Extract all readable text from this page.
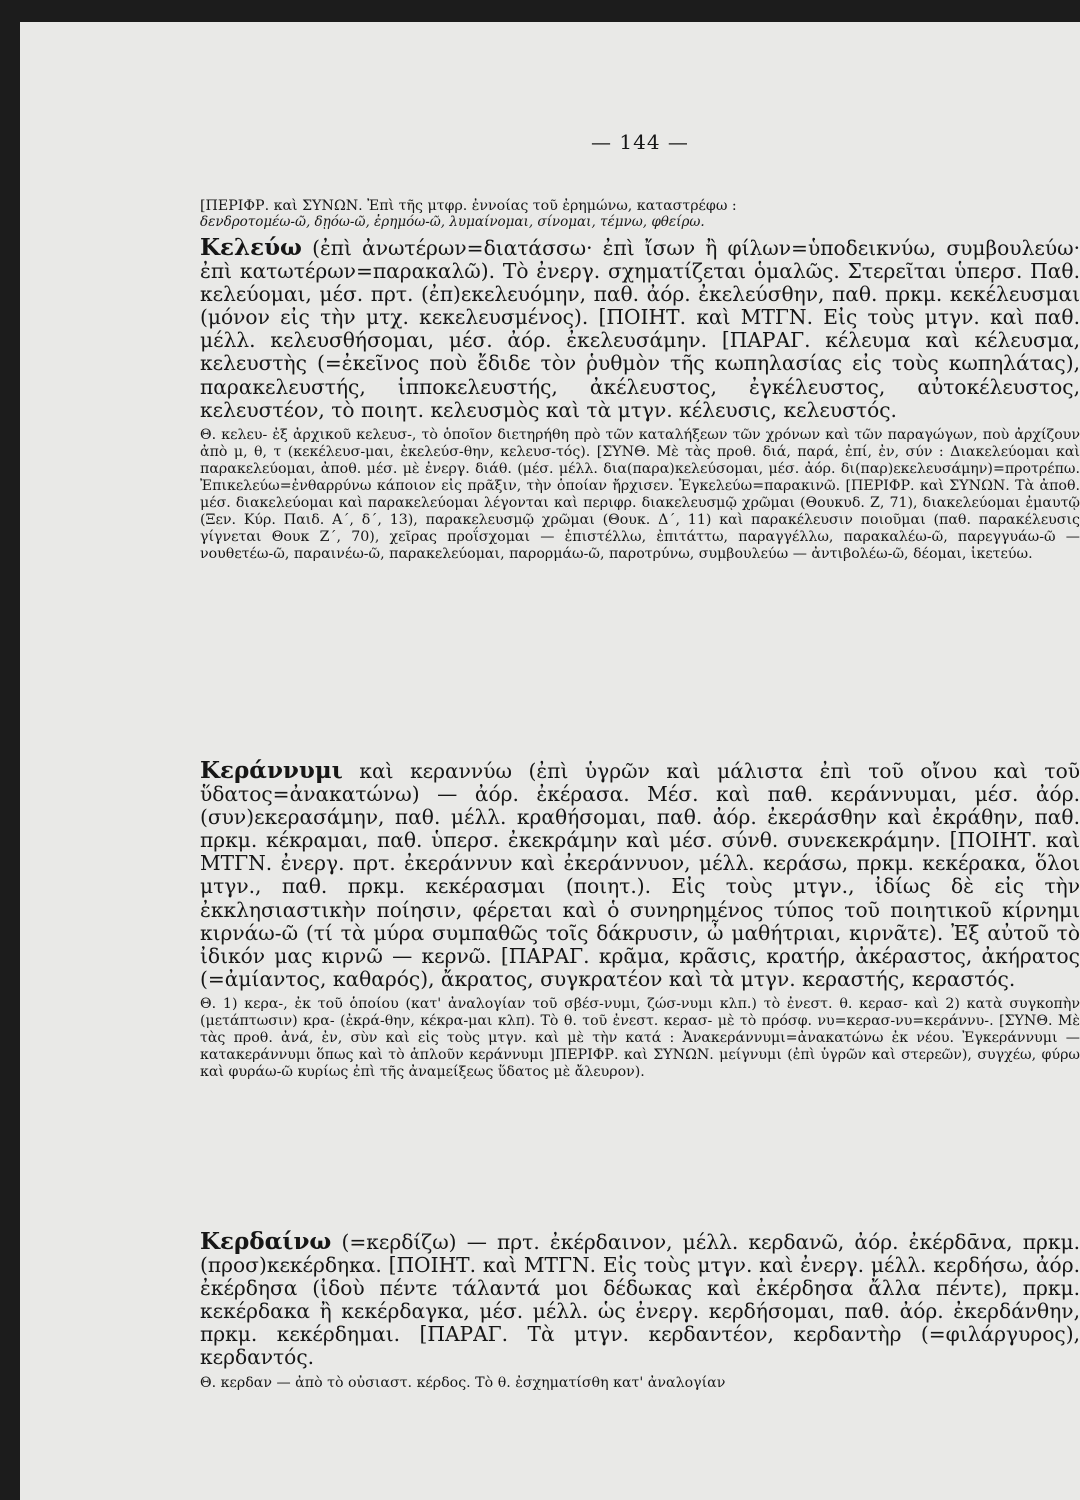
— 144 —

[ΠΕΡΙΦΡ. καὶ ΣΥΝΩΝ. Ἐπὶ τῆς μτφρ. ἐννοίας τοῦ ἐρημώνω, καταστρέφω :

δενδροτομέω-ῶ, δῃόω-ῶ, ἐρημόω-ῶ, λυμαίνομαι, σίνομαι, τέμνω, φθείρω.

Κελεύω (ἐπὶ ἀνωτέρων=διατάσσω· ἐπὶ ἴσων ἢ φίλων=ὑποδεικνύω, συμβουλεύω· ἐπὶ κατωτέρων=παρακαλῶ). Τὸ ἐνεργ. σχηματίζεται ὁμαλῶς. Στερεῖται ὑπερσ. Παθ. κελεύομαι, μέσ. πρτ. (ἐπ)εκελευόμην, παθ. ἀόρ. ἐκελεύσθην, παθ. πρκμ. κεκέλευσμαι (μόνον εἰς τὴν μτχ. κεκελευσμένος). [ΠΟΙΗΤ. καὶ ΜΤΓΝ. Εἰς τοὺς μτγν. καὶ παθ. μέλλ. κελευσθήσομαι, μέσ. ἀόρ. ἐκελευσάμην. [ΠΑΡΑΓ. κέλευμα καὶ κέλευσμα, κελευστὴς (=ἐκεῖνος ποὺ ἔδιδε τὸν ῥυθμὸν τῆς κωπηλασίας εἰς τοὺς κωπηλάτας), παρακελευστής, ἱπποκελευστής, ἀκέλευστος, ἐγκέλευστος, αὐτοκέλευστος, κελευστέον, τὸ ποιητ. κελευσμὸς καὶ τὰ μτγν. κέλευσις, κελευστός.

Θ. κελευ- ἐξ ἀρχικοῦ κελευσ-, τὸ ὁποῖον διετηρήθη πρὸ τῶν καταλήξεων τῶν χρόνων καὶ τῶν παραγώγων, ποὺ ἀρχίζουν ἀπὸ μ, θ, τ (κεκέλευσ-μαι, ἐκελεύσ-θην, κελευσ-τός). [ΣΥΝΘ. Μὲ τὰς προθ. διά, παρά, ἐπί, ἐν, σύν : Διακελεύομαι καὶ παρακελεύομαι, ἀποθ. μέσ. μὲ ἐνεργ. διάθ. (μέσ. μέλλ. δια(παρα)κελεύσομαι, μέσ. ἀόρ. δι(παρ)εκελευσάμην)=προτρέπω. Ἐπικελεύω=ἐνθαρρύνω κάποιον εἰς πρᾶξιν, τὴν ὁποίαν ἤρχισεν. Ἐγκελεύω=παρακινῶ. [ΠΕΡΙΦΡ. καὶ ΣΥΝΩΝ. Τὰ ἀποθ. μέσ. διακελεύομαι καὶ παρακελεύομαι λέγονται καὶ περιφρ. διακελευσμῷ χρῶμαι (Θουκυδ. Ζ, 71), διακελεύομαι ἐμαυτῷ (Ξεν. Κύρ. Παιδ. Α΄, δ΄, 13), παρακελευσμῷ χρῶμαι (Θουκ. Δ΄, 11) καὶ παρακέλευσιν ποιοῦμαι (παθ. παρακέλευσις γίγνεται Θουκ Ζ΄, 70), χεῖρας προΐσχομαι — ἐπιστέλλω, ἐπιτάττω, παραγγέλλω, παρακαλέω-ῶ, παρεγγυάω-ῶ — νουθετέω-ῶ, παραινέω-ῶ, παρακελεύομαι, παρορμάω-ῶ, παροτρύνω, συμβουλεύω — ἀντιβολέω-ῶ, δέομαι, ἱκετεύω.

Κεράννυμι καὶ κεραννύω (ἐπὶ ὑγρῶν καὶ μάλιστα ἐπὶ τοῦ οἴνου καὶ τοῦ ὕδατος=ἀνακατώνω) — ἀόρ. ἐκέρασα. Μέσ. καὶ παθ. κεράννυμαι, μέσ. ἀόρ. (συν)εκερασάμην, παθ. μέλλ. κραθήσομαι, παθ. ἀόρ. ἐκεράσθην καὶ ἐκράθην, παθ. πρκμ. κέκραμαι, παθ. ὑπερσ. ἐκεκράμην καὶ μέσ. σύνθ. συνεκεκράμην. [ΠΟΙΗΤ. καὶ ΜΤΓΝ. ἐνεργ. πρτ. ἐκεράννυν καὶ ἐκεράννυον, μέλλ. κεράσω, πρκμ. κεκέρακα, ὅλοι μτγν., παθ. πρκμ. κεκέρασμαι (ποιητ.). Εἰς τοὺς μτγν., ἰδίως δὲ εἰς τὴν ἐκκλησιαστικὴν ποίησιν, φέρεται καὶ ὁ συνηρημένος τύπος τοῦ ποιητικοῦ κίρνημι κιρνάω-ῶ (τί τὰ μύρα συμπαθῶς τοῖς δάκρυσιν, ὦ μαθήτριαι, κιρνᾶτε). Ἐξ αὐτοῦ τὸ ἰδικόν μας κιρνῶ — κερνῶ. [ΠΑΡΑΓ. κρᾶμα, κρᾶσις, κρατήρ, ἀκέραστος, ἀκήρατος (=ἀμίαντος, καθαρός), ἄκρατος, συγκρατέον καὶ τὰ μτγν. κεραστής, κεραστός.

Θ. 1) κερα-, ἐκ τοῦ ὁποίου (κατ' ἀναλογίαν τοῦ σβέσ-νυμι, ζώσ-νυμι κλπ.) τὸ ἐνεστ. θ. κερασ- καὶ 2) κατὰ συγκοπὴν (μετάπτωσιν) κρα- (ἐκρά-θην, κέκρα-μαι κλπ). Τὸ θ. τοῦ ἐνεστ. κερασ- μὲ τὸ πρόσφ. νυ=κερασ-νυ=κεράννυ-. [ΣΥΝΘ. Μὲ τὰς προθ. ἀνά, ἐν, σὺν καὶ εἰς τοὺς μτγν. καὶ μὲ τὴν κατά : Ἀνακεράννυμι=ἀνακατώνω ἐκ νέου. Ἐγκεράννυμι — κατακεράννυμι ὅπως καὶ τὸ ἁπλοῦν κεράννυμι ]ΠΕΡΙΦΡ. καὶ ΣΥΝΩΝ. μείγνυμι (ἐπὶ ὑγρῶν καὶ στερεῶν), συγχέω, φύρω καὶ φυράω-ῶ κυρίως ἐπὶ τῆς ἀναμείξεως ὕδατος μὲ ἄλευρον).

Κερδαίνω (=κερδίζω) — πρτ. ἐκέρδαινον, μέλλ. κερδανῶ, ἀόρ. ἐκέρδᾱνα, πρκμ. (προσ)κεκέρδηκα. [ΠΟΙΗΤ. καὶ ΜΤΓΝ. Εἰς τοὺς μτγν. καὶ ἐνεργ. μέλλ. κερδήσω, ἀόρ. ἐκέρδησα (ἰδοὺ πέντε τάλαντά μοι δέδωκας καὶ ἐκέρδησα ἄλλα πέντε), πρκμ. κεκέρδακα ἢ κεκέρδαγκα, μέσ. μέλλ. ὡς ἐνεργ. κερδήσομαι, παθ. ἀόρ. ἐκερδάνθην, πρκμ. κεκέρδημαι. [ΠΑΡΑΓ. Τὰ μτγν. κερδαντέον, κερδαντὴρ (=φιλάργυρος), κερδαντός.

Θ. κερδαν — ἀπὸ τὸ οὐσιαστ. κέρδος. Τὸ θ. ἐσχηματίσθη κατ' ἀναλογίαν
